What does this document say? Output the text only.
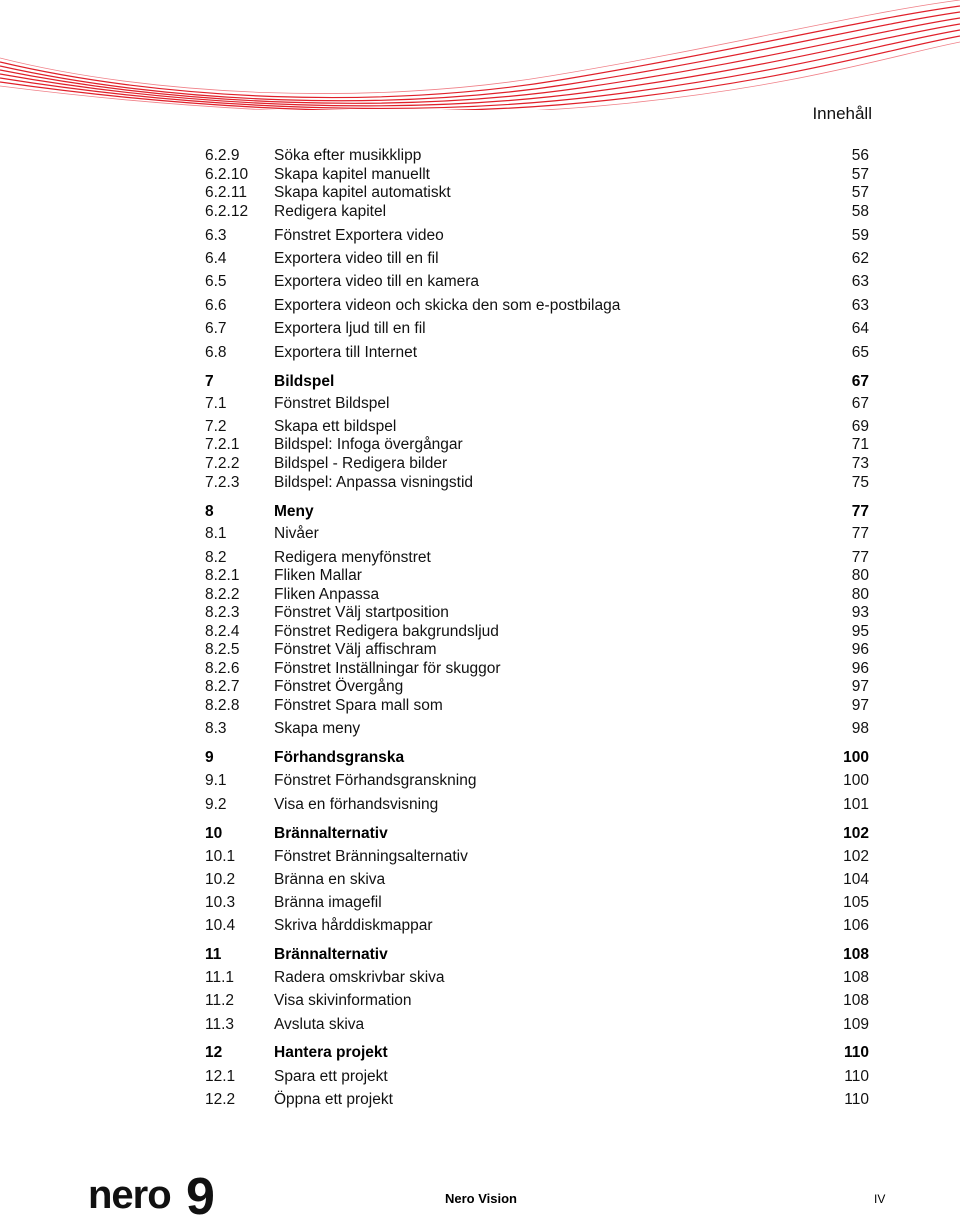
Innehåll
6.2.9 Söka efter musikklipp	56
6.2.10 Skapa kapitel manuellt	57
6.2.11 Skapa kapitel automatiskt	57
6.2.12 Redigera kapitel	58
6.3	Fönstret Exportera video	59
6.4	Exportera video till en fil	62
6.5	Exportera video till en kamera	63
6.6	Exportera videon och skicka den som e-postbilaga	63
6.7	Exportera ljud till en fil	64
6.8	Exportera till Internet	65
7	Bildspel	67
7.1	Fönstret Bildspel	67
7.2	Skapa ett bildspel	69
7.2.1 Bildspel: Infoga övergångar	71
7.2.2 Bildspel - Redigera bilder	73
7.2.3 Bildspel: Anpassa visningstid	75
8	Meny	77
8.1	Nivåer	77
8.2	Redigera menyfönstret	77
8.2.1 Fliken Mallar	80
8.2.2 Fliken Anpassa	80
8.2.3 Fönstret Välj startposition	93
8.2.4 Fönstret Redigera bakgrundsljud	95
8.2.5 Fönstret Välj affischram	96
8.2.6 Fönstret Inställningar för skuggor	96
8.2.7 Fönstret Övergång	97
8.2.8 Fönstret Spara mall som	97
8.3	Skapa meny	98
9	Förhandsgranska	100
9.1	Fönstret Förhandsgranskning	100
9.2	Visa en förhandsvisning	101
10	Brännalternativ	102
10.1	Fönstret Bränningsalternativ	102
10.2	Bränna en skiva	104
10.3	Bränna imagefil	105
10.4	Skriva hårddiskmappar	106
11	Brännalternativ	108
11.1	Radera omskrivbar skiva	108
11.2	Visa skivinformation	108
11.3	Avsluta skiva	109
12	Hantera projekt	110
12.1	Spara ett projekt	110
12.2	Öppna ett projekt	110
nero 9	Nero Vision	IV
